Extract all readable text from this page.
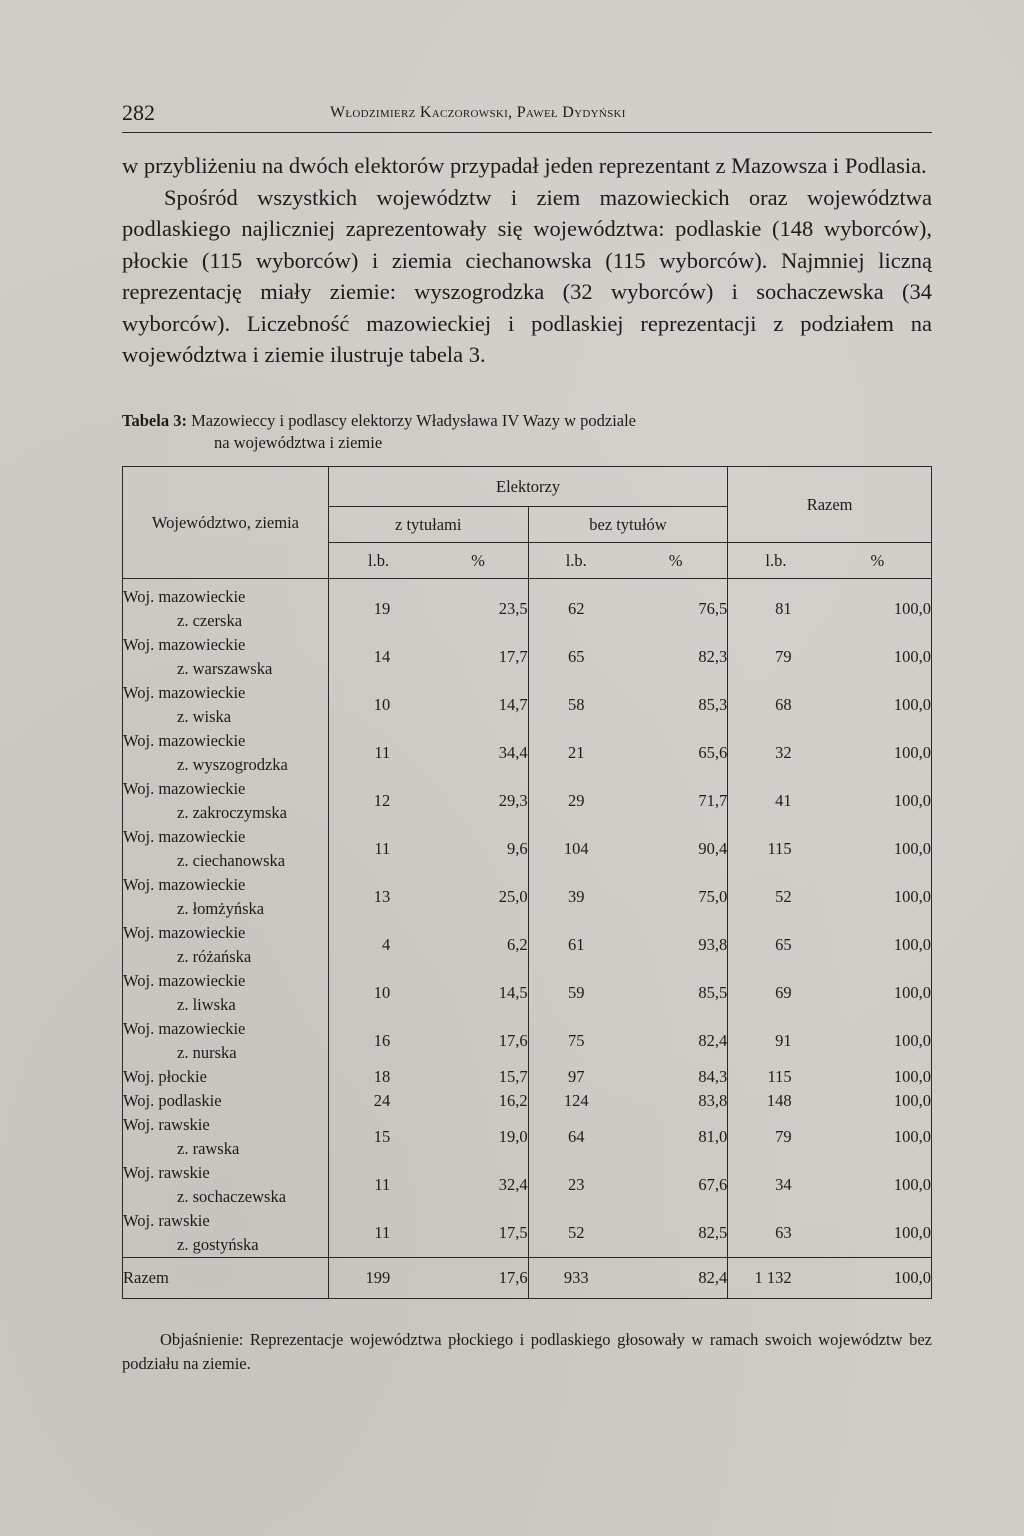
282	Włodzimierz Kaczorowski, Paweł Dydyński

w przybliżeniu na dwóch elektorów przypadał jeden reprezentant z Mazowsza i Podlasia.

Spośród wszystkich województw i ziem mazowieckich oraz województwa podlaskiego najliczniej zaprezentowały się województwa: podlaskie (148 wyborców), płockie (115 wyborców) i ziemia ciechanowska (115 wyborców). Najmniej liczną reprezentację miały ziemie: wyszogrodzka (32 wyborców) i sochaczewska (34 wyborców). Liczebność mazowieckiej i podlaskiej reprezentacji z podziałem na województwa i ziemie ilustruje tabela 3.

Tabela 3: Mazowieccy i podlascy elektorzy Władysława IV Wazy w podziale
na województwa i ziemie
Województwo, ziemia	Elektorzy				Razem	
	z tytułami		bez tytułów			
	l.b.	%	l.b.	%	l.b.	%
Woj. mazowieckie
z. czerska	19	23,5	62	76,5	81	100,0
Woj. mazowieckie
z. warszawska	14	17,7	65	82,3	79	100,0
Woj. mazowieckie
z. wiska	10	14,7	58	85,3	68	100,0
Woj. mazowieckie
z. wyszogrodzka	11	34,4	21	65,6	32	100,0
Woj. mazowieckie
z. zakroczymska	12	29,3	29	71,7	41	100,0
Woj. mazowieckie
z. ciechanowska	11	9,6	104	90,4	115	100,0
Woj. mazowieckie
z. łomżyńska	13	25,0	39	75,0	52	100,0
Woj. mazowieckie
z. różańska	4	6,2	61	93,8	65	100,0
Woj. mazowieckie
z. liwska	10	14,5	59	85,5	69	100,0
Woj. mazowieckie
z. nurska	16	17,6	75	82,4	91	100,0
Woj. płockie	18	15,7	97	84,3	115	100,0
Woj. podlaskie	24	16,2	124	83,8	148	100,0
Woj. rawskie
z. rawska	15	19,0	64	81,0	79	100,0
Woj. rawskie
z. sochaczewska	11	32,4	23	67,6	34	100,0
Woj. rawskie
z. gostyńska	11	17,5	52	82,5	63	100,0
Razem	199	17,6	933	82,4	1 132	100,0
Objaśnienie: Reprezentacje województwa płockiego i podlaskiego głosowały w ramach swoich województw bez podziału na ziemie.
